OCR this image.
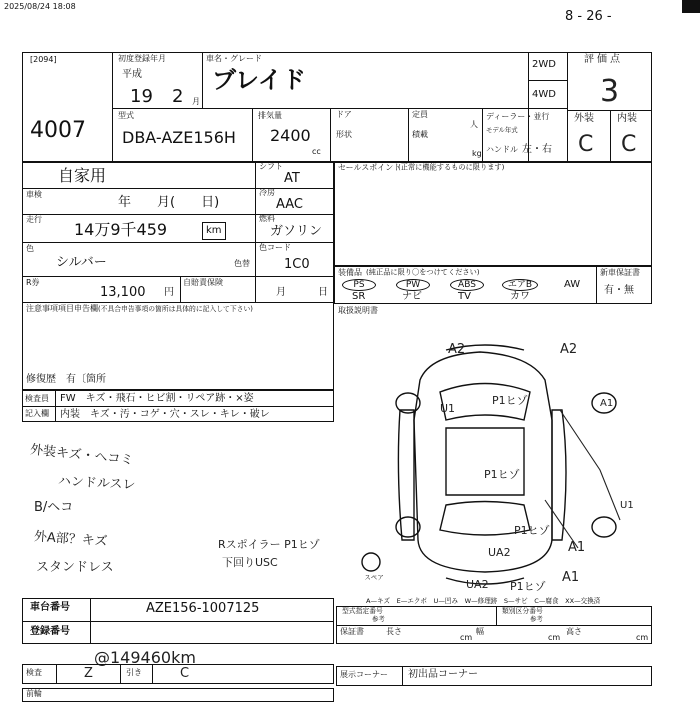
2025/08/24 18:08
8 - 26 -
[2094]
4007
初度登録年月
平成
19 2 月
車名・グレード
ブレイド
2WD
4WD
型式
DBA-AZE156H
排気量
2400
cc
ドア
形状
定員
人
積載
kg
ディーラー・並行
モデル年式
ハンドル 左・右
評価点
3
外装 内装
C C
自家用
車検
年　　月(　　日)
走行
14万9千459	km
色
シルバー	色替
R券
13,100 円
自賠責保険
月	日
注意事項項目申告欄 (不具合申告事項の箇所は具体的に記入して下さい)
修復歴 有〔箇所
シフト
AT
冷房
AAC
燃料
ガソリン
色コード
1C0
セールスポイント
(正常に機能するものに限ります)
装備品 (純正品に限り〇をつけてください)	新車保証書
有・無
PS	PW	ABS	エアB	AW
SR	ナビ	TV	カワ
取扱説明書
検査員 FW　キズ・飛石・ヒビ割・リペア跡・×姿
記入欄 内装　キズ・汚・コゲ・穴・スレ・キレ・破レ
外装キズ・ヘコミ
ハンドルスレ
B/ヘコ
外A部？キズ
スタンドレス
Rスポイラー P1ヒゾ
下回りUSC
A2	A2
P1ヒゾ
P1ヒゾ
P1ヒゾ
UA2	A1
A1
UA2 P1ヒゾ
A1
U1
U1
スペア
A—キズ　E—エクボ　U—凹み　W—修理跡　S—サビ　C—腐食　XX—交換済
車台番号	AZE156-1007125
登録番号
型式指定番号
参考
類別区分番号
参考
保証書	長さ
cm
幅
cm
高さ
cm
@149460km
検査	Z	引き	C
前輪
展示コーナー 初出品コーナー
